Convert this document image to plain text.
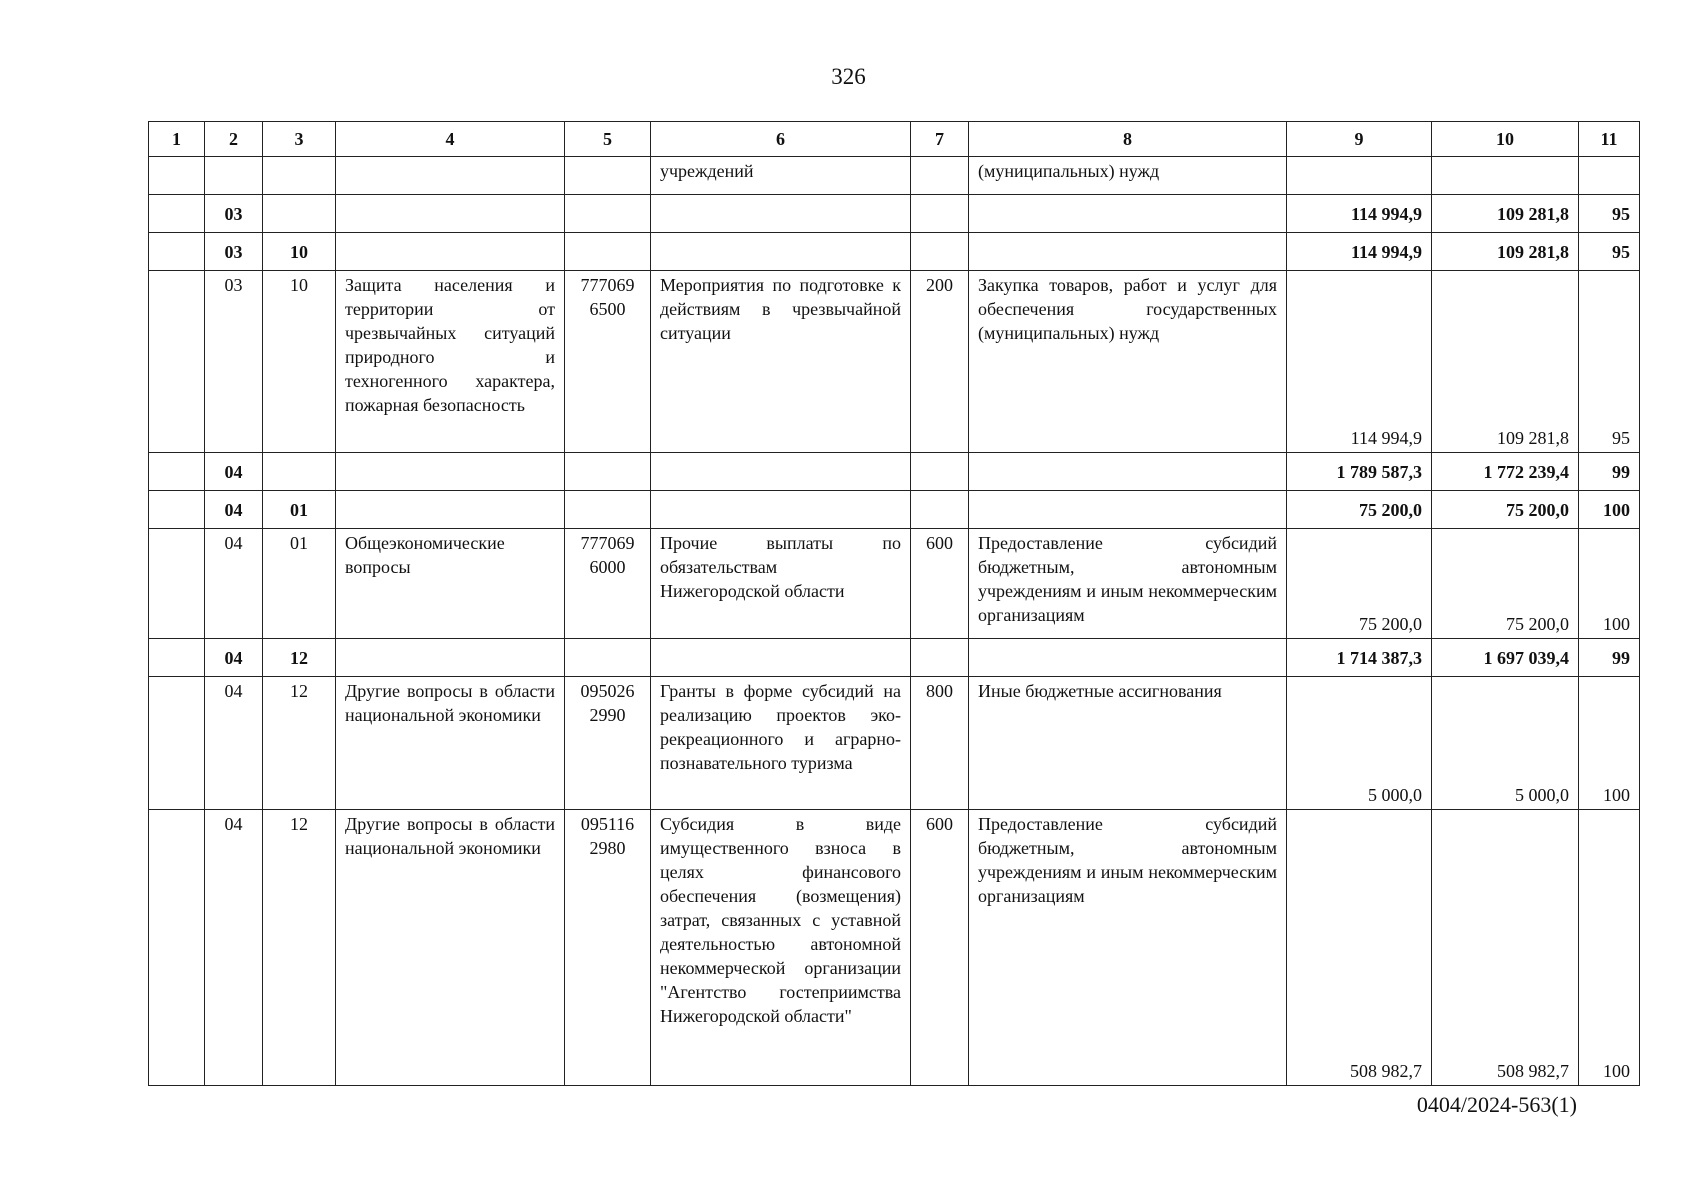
326
1	2	3	4	5	6	7	8	9	10	11
					учреждений		(муниципальных) нужд			
	03							114 994,9	109 281,8	95
	03	10						114 994,9	109 281,8	95
	03	10	Защита населения и территории от чрезвычайных ситуаций природного и техногенного характера, пожарная безопасность	777069 6500	Мероприятия по подготовке к действиям в чрезвычайной ситуации	200	Закупка товаров, работ и услуг для обеспечения государственных (муниципальных) нужд	114 994,9	109 281,8	95
	04							1 789 587,3	1 772 239,4	99
	04	01						75 200,0	75 200,0	100
	04	01	Общеэкономические вопросы	777069 6000	Прочие выплаты по обязательствам Нижегородской области	600	Предоставление субсидий бюджетным, автономным учреждениям и иным некоммерческим организациям	75 200,0	75 200,0	100
	04	12						1 714 387,3	1 697 039,4	99
	04	12	Другие вопросы в области национальной экономики	095026 2990	Гранты в форме субсидий на реализацию проектов эко-рекреационного и аграрно-познавательного туризма	800	Иные бюджетные ассигнования	5 000,0	5 000,0	100
	04	12	Другие вопросы в области национальной экономики	095116 2980	Субсидия в виде имущественного взноса в целях финансового обеспечения (возмещения) затрат, связанных с уставной деятельностью автономной некоммерческой организации "Агентство гостеприимства Нижегородской области"	600	Предоставление субсидий бюджетным, автономным учреждениям и иным некоммерческим организациям	508 982,7	508 982,7	100
0404/2024-563(1)
